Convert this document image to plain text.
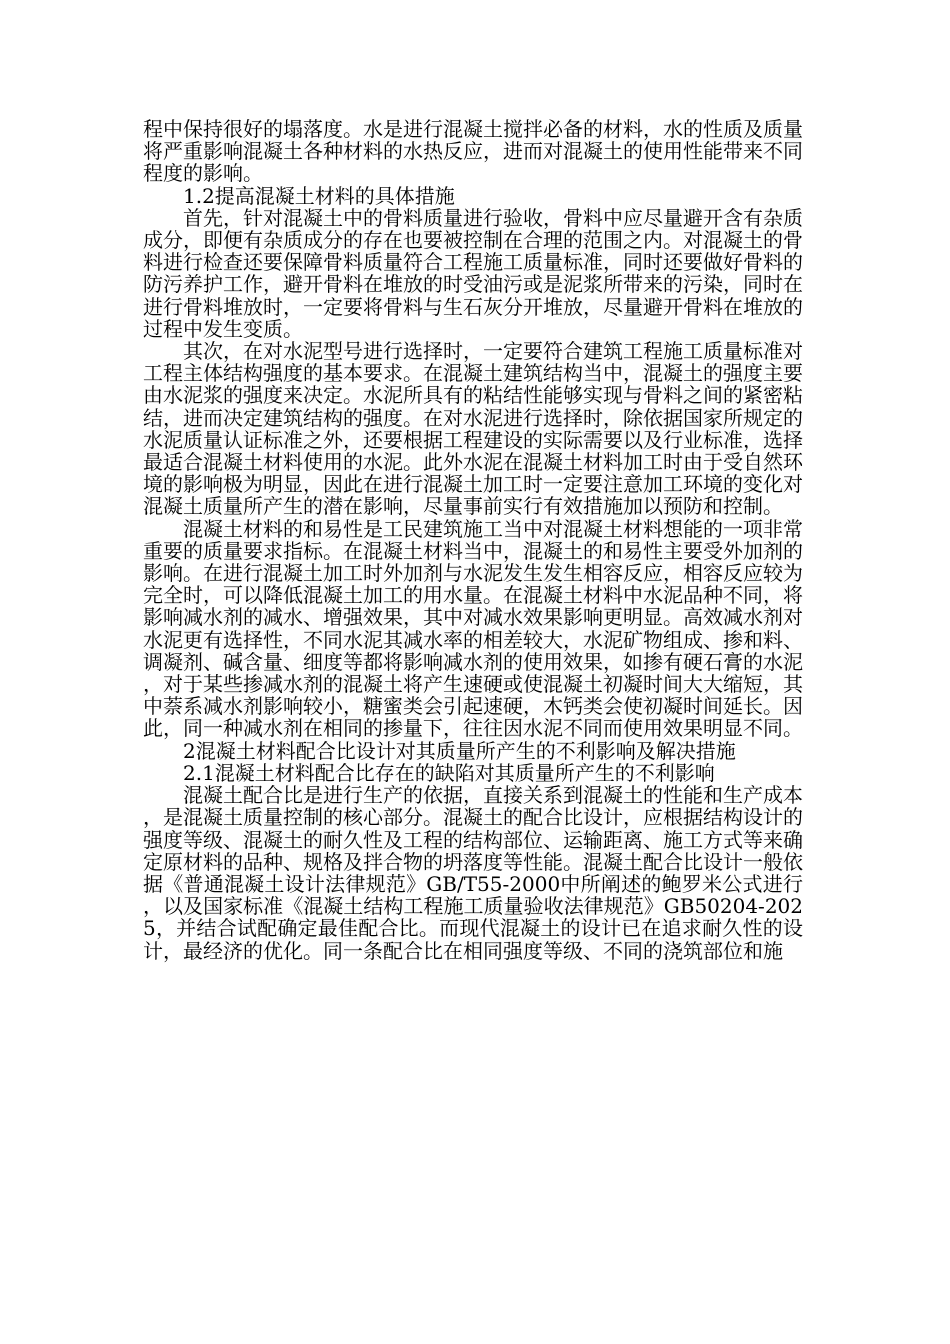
程中保持很好的塌落度。水是进行混凝土搅拌必备的材料，水的性质及质量将严重影响混凝土各种材料的水热反应，进而对混凝土的使用性能带来不同程度的影响。

1.2提高混凝土材料的具体措施

首先，针对混凝土中的骨料质量进行验收，骨料中应尽量避开含有杂质成分，即便有杂质成分的存在也要被控制在合理的范围之内。对混凝土的骨料进行检查还要保障骨料质量符合工程施工质量标准，同时还要做好骨料的防污养护工作，避开骨料在堆放的时受油污或是泥浆所带来的污染，同时在进行骨料堆放时，一定要将骨料与生石灰分开堆放，尽量避开骨料在堆放的过程中发生变质。

其次，在对水泥型号进行选择时，一定要符合建筑工程施工质量标准对工程主体结构强度的基本要求。在混凝土建筑结构当中，混凝土的强度主要由水泥浆的强度来决定。水泥所具有的粘结性能够实现与骨料之间的紧密粘结，进而决定建筑结构的强度。在对水泥进行选择时，除依据国家所规定的水泥质量认证标准之外，还要根据工程建设的实际需要以及行业标准，选择最适合混凝土材料使用的水泥。此外水泥在混凝土材料加工时由于受自然环境的影响极为明显，因此在进行混凝土加工时一定要注意加工环境的变化对混凝土质量所产生的潜在影响，尽量事前实行有效措施加以预防和控制。

混凝土材料的和易性是工民建筑施工当中对混凝土材料想能的一项非常重要的质量要求指标。在混凝土材料当中，混凝土的和易性主要受外加剂的影响。在进行混凝土加工时外加剂与水泥发生发生相容反应，相容反应较为完全时，可以降低混凝土加工的用水量。在混凝土材料中水泥品种不同，将影响减水剂的减水、增强效果，其中对减水效果影响更明显。高效减水剂对水泥更有选择性，不同水泥其减水率的相差较大，水泥矿物组成、掺和料、调凝剂、碱含量、细度等都将影响减水剂的使用效果，如掺有硬石膏的水泥，对于某些掺减水剂的混凝土将产生速硬或使混凝土初凝时间大大缩短，其中萘系减水剂影响较小，糖蜜类会引起速硬，木钙类会使初凝时间延长。因此，同一种减水剂在相同的掺量下，往往因水泥不同而使用效果明显不同。

2混凝土材料配合比设计对其质量所产生的不利影响及解决措施

2.1混凝土材料配合比存在的缺陷对其质量所产生的不利影响

混凝土配合比是进行生产的依据，直接关系到混凝土的性能和生产成本，是混凝土质量控制的核心部分。混凝土的配合比设计，应根据结构设计的强度等级、混凝土的耐久性及工程的结构部位、运输距离、施工方式等来确定原材料的品种、规格及拌合物的坍落度等性能。混凝土配合比设计一般依据《普通混凝土设计法律规范》GB/T55-2000中所阐述的鲍罗米公式进行，以及国家标准《混凝土结构工程施工质量验收法律规范》GB50204-2025，并结合试配确定最佳配合比。而现代混凝土的设计已在追求耐久性的设计，最经济的优化。同一条配合比在相同强度等级、不同的浇筑部位和施
